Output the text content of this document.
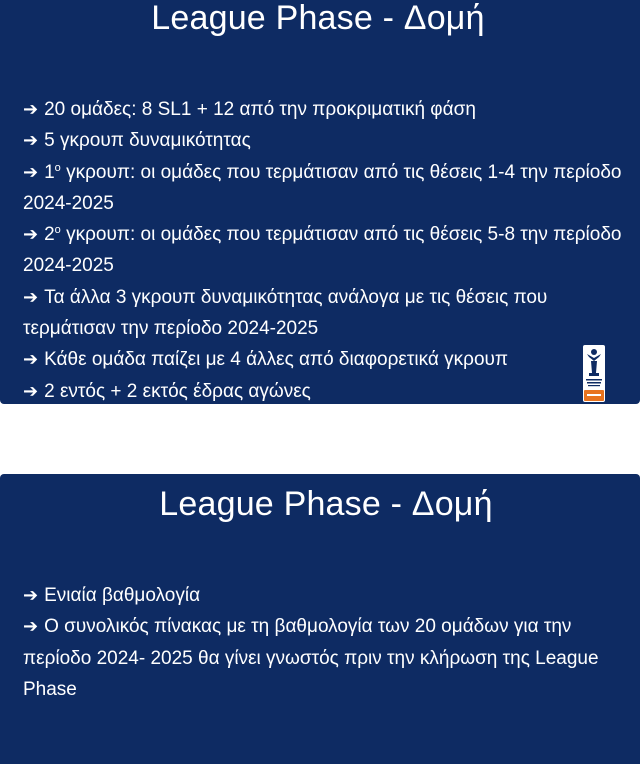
League Phase - Δομή
➔ 20 ομάδες: 8 SL1 + 12 από την προκριματική φάση
➔ 5 γκρουπ δυναμικότητας
➔ $1^o$ γκρουπ: οι ομάδες που τερμάτισαν από τις θέσεις 1-4 την περίοδο 2024-2025
➔ $2^o$ γκρουπ: οι ομάδες που τερμάτισαν από τις θέσεις 5-8 την περίοδο 2024-2025
➔ Τα άλλα 3 γκρουπ δυναμικότητας ανάλογα με τις θέσεις που τερμάτισαν την περίοδο 2024-2025
➔ Κάθε ομάδα παίζει με 4 άλλες από διαφορετικά γκρουπ
➔ 2 εντός + 2 εκτός έδρας αγώνες
League Phase - Δομή
➔ Ενιαία βαθμολογία
➔ Ο συνολικός πίνακας με τη βαθμολογία των 20 ομάδων για την περίοδο 2024- 2025 θα γίνει γνωστός πριν την κλήρωση της League Phase
